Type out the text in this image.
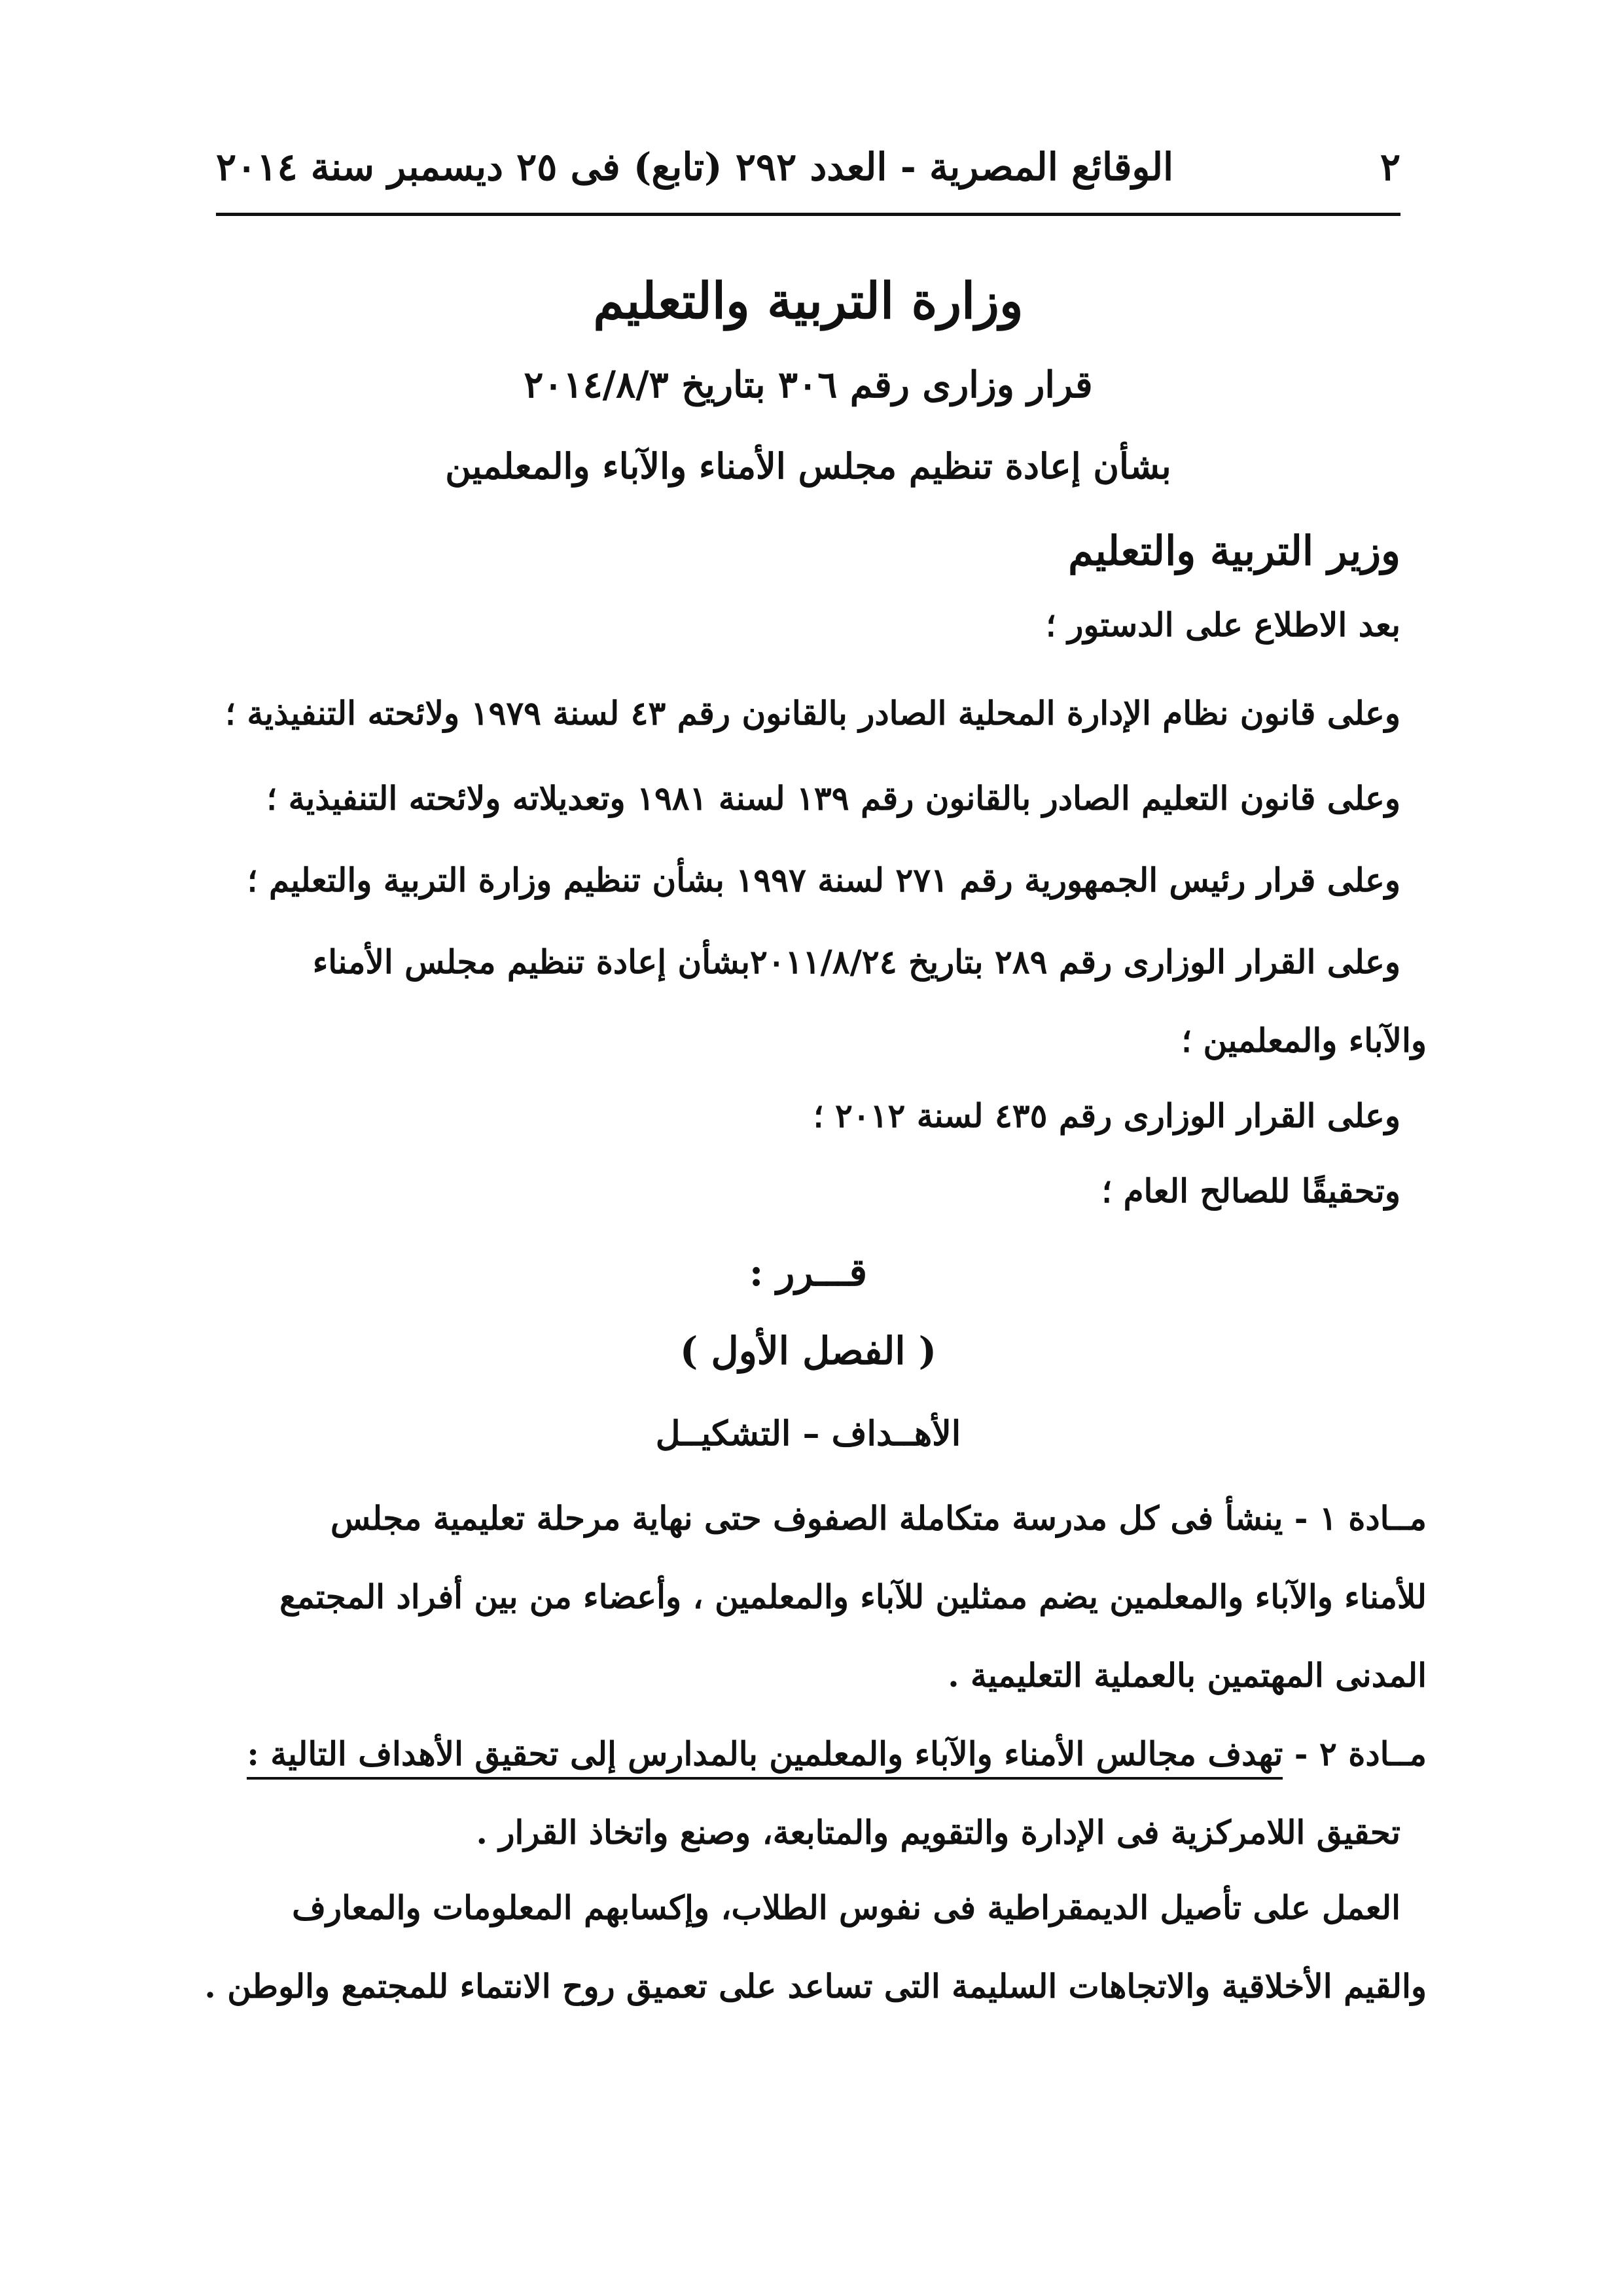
٢
الوقائع المصرية - العدد ٢٩٢ (تابع) فى ٢٥ ديسمبر سنة ٢٠١٤
وزارة التربية والتعليم
قرار وزارى رقم ٣٠٦ بتاريخ ٢٠١٤/٨/٣
بشأن إعادة تنظيم مجلس الأمناء والآباء والمعلمين
وزير التربية والتعليم
بعد الاطلاع على الدستور ؛
وعلى قانون نظام الإدارة المحلية الصادر بالقانون رقم ٤٣ لسنة ١٩٧٩ ولائحته التنفيذية ؛
وعلى قانون التعليم الصادر بالقانون رقم ١٣٩ لسنة ١٩٨١ وتعديلاته ولائحته التنفيذية ؛
وعلى قرار رئيس الجمهورية رقم ٢٧١ لسنة ١٩٩٧ بشأن تنظيم وزارة التربية والتعليم ؛
وعلى القرار الوزارى رقم ٢٨٩ بتاريخ ٢٠١١/٨/٢٤بشأن إعادة تنظيم مجلس الأمناء
والآباء والمعلمين ؛
وعلى القرار الوزارى رقم ٤٣٥ لسنة ٢٠١٢ ؛
وتحقيقًا للصالح العام ؛
قـــرر :
( الفصل الأول )
الأهــداف – التشكيــل
مــادة ١ - ينشأ فى كل مدرسة متكاملة الصفوف حتى نهاية مرحلة تعليمية مجلس
للأمناء والآباء والمعلمين يضم ممثلين للآباء والمعلمين ، وأعضاء من بين أفراد المجتمع
المدنى المهتمين بالعملية التعليمية .
مــادة ٢ - تهدف مجالس الأمناء والآباء والمعلمين بالمدارس إلى تحقيق الأهداف التالية :
تحقيق اللامركزية فى الإدارة والتقويم والمتابعة، وصنع واتخاذ القرار .
العمل على تأصيل الديمقراطية فى نفوس الطلاب، وإكسابهم المعلومات والمعارف
والقيم الأخلاقية والاتجاهات السليمة التى تساعد على تعميق روح الانتماء للمجتمع والوطن .
